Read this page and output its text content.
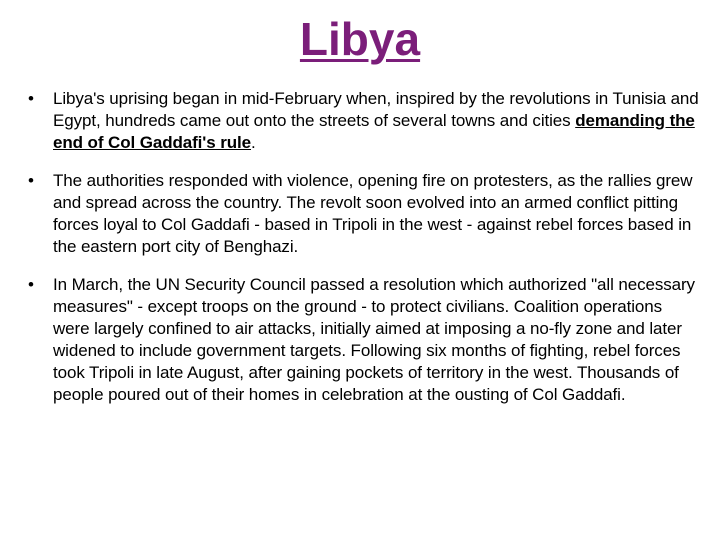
Libya
• Libya's uprising began in mid-February when, inspired by the revolutions in Tunisia and Egypt, hundreds came out onto the streets of several towns and cities demanding the end of Col Gaddafi's rule.
• The authorities responded with violence, opening fire on protesters, as the rallies grew and spread across the country. The revolt soon evolved into an armed conflict pitting forces loyal to Col Gaddafi - based in Tripoli in the west - against rebel forces based in the eastern port city of Benghazi.
• In March, the UN Security Council passed a resolution which authorized "all necessary measures" - except troops on the ground - to protect civilians. Coalition operations were largely confined to air attacks, initially aimed at imposing a no-fly zone and later widened to include government targets. Following six months of fighting, rebel forces took Tripoli in late August, after gaining pockets of territory in the west. Thousands of people poured out of their homes in celebration at the ousting of Col Gaddafi.
